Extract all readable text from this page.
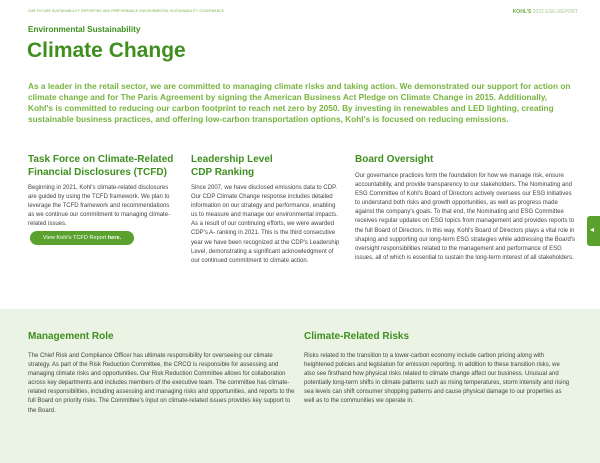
OUR FUTURE SUSTAINABILITY REPORTING AND PERFORMANCE ENVIRONMENTAL SUSTAINABILITY GOVERNANCE	KOHL'S 2022 ESG REPORT
Environmental Sustainability
Climate Change

As a leader in the retail sector, we are committed to managing climate risks and taking action. We demonstrated our support for action on climate change and for The Paris Agreement by signing the American Business Act Pledge on Climate Change in 2015. Additionally, Kohl's is committed to reducing our carbon footprint to reach net zero by 2050. By investing in renewables and LED lighting, creating sustainable business practices, and offering low-carbon transportation options, Kohl's is focused on reducing emissions.

Task Force on Climate-Related
Financial Disclosures (TCFD)

Beginning in 2021, Kohl's climate-related disclosures are guided by using the TCFD framework. We plan to leverage the TCFD framework and recommendations as we continue our commitment to managing climate-related issues.

View Kohl's TCFD Report here.
Leadership Level
CDP Ranking

Since 2007, we have disclosed emissions data to CDP. Our CDP Climate Change response includes detailed information on our strategy and performance, enabling us to measure and manage our environmental impacts. As a result of our continuing efforts, we were awarded CDP's A- ranking in 2021. This is the third consecutive year we have been recognized at the CDP's Leadership Level, demonstrating a significant acknowledgment of our continued commitment to climate action.

Board Oversight

Our governance practices form the foundation for how we manage risk, ensure accountability, and provide transparency to our stakeholders. The Nominating and ESG Committee of Kohl's Board of Directors actively oversees our ESG initiatives to understand both risks and growth opportunities, as well as progress made against the company's goals. To that end, the Nominating and ESG Committee receives regular updates on ESG topics from management and provides reports to the full Board of Directors. In this way, Kohl's Board of Directors plays a vital role in shaping and supporting our long-term ESG strategies while addressing the Board's oversight responsibilities related to the management and performance of ESG issues, all of which is essential to sustain the long-term interest of all stakeholders.

◂
Management Role

The Chief Risk and Compliance Officer has ultimate responsibility for overseeing our climate strategy. As part of the Risk Reduction Committee, the CRCO is responsible for assessing and managing climate risks and opportunities. Our Risk Reduction Committee allows for collaboration across key departments and includes members of the executive team. The committee has climate-related responsibilities, including assessing and managing risks and opportunities, and reports to the full Board on priority risks. The Committee's input on climate-related issues provides key support to the Board.

Climate-Related Risks

Risks related to the transition to a lower-carbon economy include carbon pricing along with heightened policies and legislation for emission reporting. In addition to these transition risks, we also see firsthand how physical risks related to climate change affect our business. Unusual and potentially long-term shifts in climate patterns such as rising temperatures, storm intensity and rising sea levels can shift consumer shopping patterns and cause physical damage to our properties as well as to the communities we operate in.
